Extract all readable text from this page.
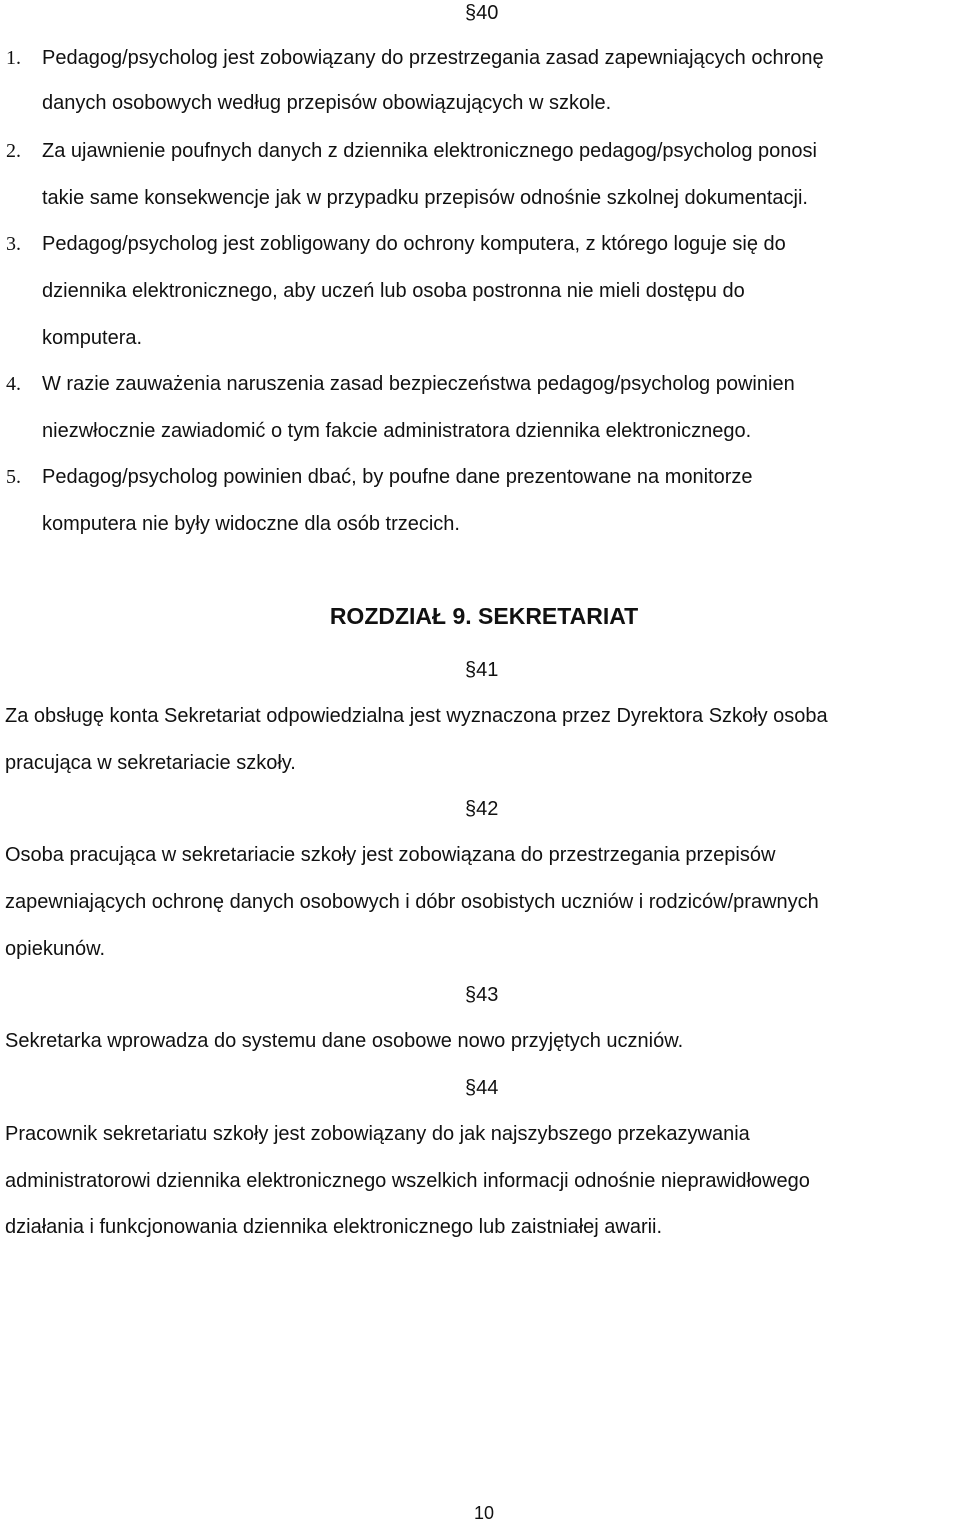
§40
1. Pedagog/psycholog jest zobowiązany do przestrzegania zasad zapewniających ochronę
danych osobowych według przepisów obowiązujących w szkole.
2. Za ujawnienie poufnych danych z dziennika elektronicznego pedagog/psycholog ponosi
takie same konsekwencje jak w przypadku przepisów odnośnie szkolnej dokumentacji.
3. Pedagog/psycholog jest zobligowany do ochrony komputera, z którego loguje się do
dziennika elektronicznego, aby uczeń lub osoba postronna nie mieli dostępu do
komputera.
4. W razie zauważenia naruszenia zasad bezpieczeństwa pedagog/psycholog powinien
niezwłocznie zawiadomić o tym fakcie administratora dziennika elektronicznego.
5. Pedagog/psycholog powinien dbać, by poufne dane prezentowane na monitorze
komputera nie były widoczne dla osób trzecich.
ROZDZIAŁ 9. SEKRETARIAT
§41
Za obsługę konta Sekretariat odpowiedzialna jest wyznaczona przez Dyrektora Szkoły osoba
pracująca w sekretariacie szkoły.
§42
Osoba pracująca w sekretariacie szkoły jest zobowiązana do przestrzegania przepisów
zapewniających ochronę danych osobowych i dóbr osobistych uczniów i rodziców/prawnych
opiekunów.
§43
Sekretarka wprowadza do systemu dane osobowe nowo przyjętych uczniów.
§44
Pracownik sekretariatu szkoły jest zobowiązany do jak najszybszego przekazywania
administratorowi dziennika elektronicznego wszelkich informacji odnośnie nieprawidłowego
działania i funkcjonowania dziennika elektronicznego lub zaistniałej awarii.
10
